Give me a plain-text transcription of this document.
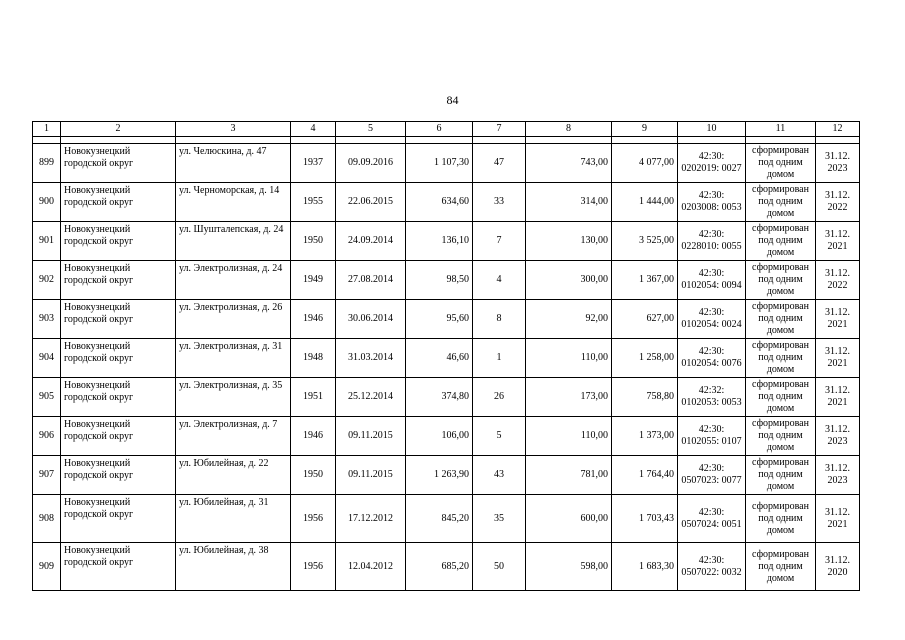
84
1	2	3	4	5	6	7	8	9	10	11	12

899	Новокузнецкий городской округ	ул. Челюскина, д. 47	1937	09.09.2016	1 107,30	47	743,00	4 077,00	42:30: 0202019: 0027	сформирован под одним домом	31.12. 2023
900	Новокузнецкий городской округ	ул. Черноморская, д. 14	1955	22.06.2015	634,60	33	314,00	1 444,00	42:30: 0203008: 0053	сформирован под одним домом	31.12. 2022
901	Новокузнецкий городской округ	ул. Шушталепская, д. 24	1950	24.09.2014	136,10	7	130,00	3 525,00	42:30: 0228010: 0055	сформирован под одним домом	31.12. 2021
902	Новокузнецкий городской округ	ул. Электролизная, д. 24	1949	27.08.2014	98,50	4	300,00	1 367,00	42:30: 0102054: 0094	сформирован под одним домом	31.12. 2022
903	Новокузнецкий городской округ	ул. Электролизная, д. 26	1946	30.06.2014	95,60	8	92,00	627,00	42:30: 0102054: 0024	сформирован под одним домом	31.12. 2021
904	Новокузнецкий городской округ	ул. Электролизная, д. 31	1948	31.03.2014	46,60	1	110,00	1 258,00	42:30: 0102054: 0076	сформирован под одним домом	31.12. 2021
905	Новокузнецкий городской округ	ул. Электролизная, д. 35	1951	25.12.2014	374,80	26	173,00	758,80	42:32: 0102053: 0053	сформирован под одним домом	31.12. 2021
906	Новокузнецкий городской округ	ул. Электролизная, д. 7	1946	09.11.2015	106,00	5	110,00	1 373,00	42:30: 0102055: 0107	сформирован под одним домом	31.12. 2023
907	Новокузнецкий городской округ	ул. Юбилейная, д. 22	1950	09.11.2015	1 263,90	43	781,00	1 764,40	42:30: 0507023: 0077	сформирован под одним домом	31.12. 2023
908	Новокузнецкий городской округ	ул. Юбилейная, д. 31	1956	17.12.2012	845,20	35	600,00	1 703,43	42:30: 0507024: 0051	сформирован под одним домом	31.12. 2021
909	Новокузнецкий городской округ	ул. Юбилейная, д. 38	1956	12.04.2012	685,20	50	598,00	1 683,30	42:30: 0507022: 0032	сформирован под одним домом	31.12. 2020
